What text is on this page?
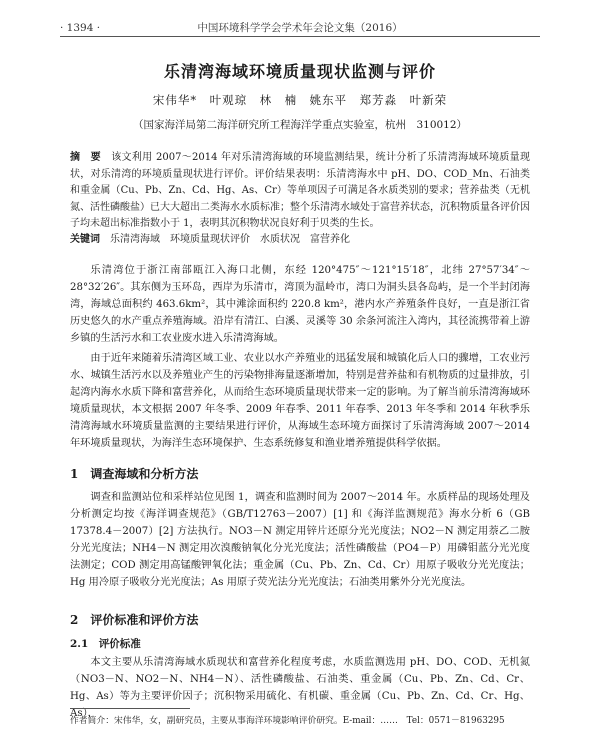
· 1394 ·	中国环境科学学会学术年会论文集（2016）
乐清湾海域环境质量现状监测与评价
宋伟华*　叶观琼　林　楠　姚东平　郑芳淼　叶新荣
（国家海洋局第二海洋研究所工程海洋学重点实验室，杭州　310012）
摘　要　 该文利用 2007～2014 年对乐清湾海域的环境监测结果，统计分析了乐清湾海域环境质量现状，对乐清湾的环境质量现状进行评价。评价结果表明：乐清湾海水中 pH、DO、COD_Mn、石油类和重金属（Cu、Pb、Zn、Cd、Hg、As、Cr）等单项因子可满足各水质类别的要求；营养盐类（无机氮、活性磷酸盐）已大大超出二类海水水质标准；整个乐清湾水域处于富营养状态，沉积物质量各评价因子均未超出标准指数小于 1，表明其沉积物状况良好利于贝类的生长。
关键词　 乐清湾海域　环境质量现状评价　水质状况　富营养化
乐清湾位于浙江南部瓯江入海口北侧，东经 120°475″～121°15′18″，北纬 27°57′34″～28°32′26″。其东侧为玉环岛，西岸为乐清市，湾顶为温岭市，湾口为洞头县各岛屿，是一个半封闭海湾，海域总面积约 463.6km²，其中滩涂面积约 220.8 km²，港内水产养殖条件良好，一直是浙江省历史悠久的水产重点养殖海域。沿岸有清江、白溪、灵溪等 30 余条河流注入湾内，其径流携带着上游乡镇的生活污水和工农业废水进入乐清湾海域。
由于近年来随着乐清湾区域工业、农业以水产养殖业的迅猛发展和城镇化后人口的骤增，工农业污水、城镇生活污水以及养殖业产生的污染物排海量逐渐增加，特别是营养盐和有机物质的过量排放，引起湾内海水水质下降和富营养化，从而给生态环境质量现状带来一定的影响。为了解当前乐清湾海域环境质量现状，本文根据 2007 年冬季、2009 年春季、2011 年春季、2013 年冬季和 2014 年秋季乐清湾海域水环境质量监测的主要结果进行评价，从海域生态环境方面探讨了乐清湾海域 2007～2014 年环境质量现状，为海洋生态环境保护、生态系统修复和渔业增养殖提供科学依据。
1　调查海域和分析方法
调查和监测站位和采样站位见图 1，调查和监测时间为 2007～2014 年。水质样品的现场处理及分析测定均按《海洋调查规范》（GB/T12763－2007）[1] 和《海洋监测规范》海水分析 6（GB 17378.4－2007）[2] 方法执行。NO3－N 测定用锌片还原分光光度法；NO2－N 测定用萘乙二胺分光光度法；NH4－N 测定用次溴酸钠氧化分光光度法；活性磷酸盐（PO4－P）用磷钼蓝分光光度法测定；COD 测定用高锰酸钾氧化法；重金属（Cu、Pb、Zn、Cd、Cr）用原子吸收分光光度法；Hg 用冷原子吸收分光光度法；As 用原子荧光法分光光度法；石油类用紫外分光光度法。
2　评价标准和评价方法
2.1　评价标准
本文主要从乐清湾海域水质现状和富营养化程度考虑，水质监测选用 pH、DO、COD、无机氮（NO3－N、NO2－N、NH4－N）、活性磷酸盐、石油类、重金属（Cu、Pb、Zn、Cd、Cr、Hg、As）等为主要评价因子；沉积物采用硫化、有机碳、重金属（Cu、Pb、Zn、Cd、Cr、Hg、As），
作者简介：宋伟华，女，副研究员，主要从事海洋环境影响评价研究。E-mail：……　Tel：0571－81963295
